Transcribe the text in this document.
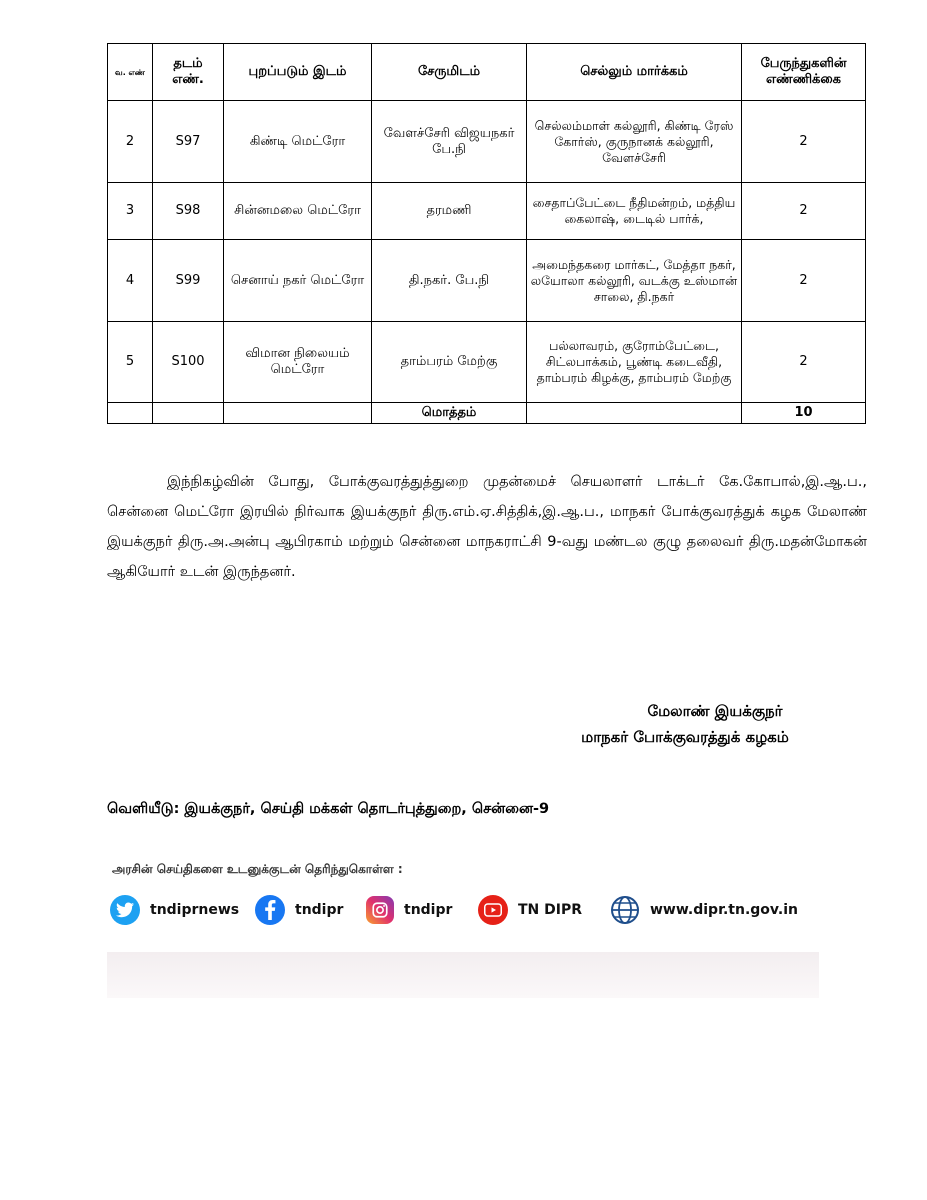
வ. எண்	தடம் எண்.	புறப்படும் இடம்	சேருமிடம்	செல்லும் மார்க்கம்	பேருந்துகளின் எண்ணிக்கை
2	S97	கிண்டி மெட்ரோ	வேளச்சேரி விஜயநகர் பே.நி	செல்லம்மாள் கல்லூரி, கிண்டி ரேஸ் கோர்ஸ், குருநானக் கல்லூரி, வேளச்சேரி	2
3	S98	சின்னமலை மெட்ரோ	தரமணி	சைதாப்பேட்டை நீதிமன்றம், மத்திய கைலாஷ், டைடில் பார்க்,	2
4	S99	செனாய் நகர் மெட்ரோ	தி.நகர். பே.நி	அமைந்தகரை மார்கட், மேத்தா நகர், லயோலா கல்லூரி, வடக்கு உஸ்மான் சாலை, தி.நகர்	2
5	S100	விமான நிலையம் மெட்ரோ	தாம்பரம் மேற்கு	பல்லாவரம், குரோம்பேட்டை, சிட்லபாக்கம், பூண்டி கடைவீதி, தாம்பரம் கிழக்கு, தாம்பரம் மேற்கு	2
			மொத்தம்		10

இந்நிகழ்வின் போது, போக்குவரத்துத்துறை முதன்மைச் செயலாளர் டாக்டர் கே.கோபால்,இ.ஆ.ப., சென்னை மெட்ரோ இரயில் நிர்வாக இயக்குநர் திரு.எம்.ஏ.சித்திக்,இ.ஆ.ப., மாநகர் போக்குவரத்துக் கழக மேலாண் இயக்குநர் திரு.அ.அன்பு ஆபிரகாம் மற்றும் சென்னை மாநகராட்சி 9-வது மண்டல குழு தலைவர் திரு.மதன்மோகன் ஆகியோர் உடன் இருந்தனர்.

மேலாண் இயக்குநர்

மாநகர் போக்குவரத்துக் கழகம்

வெளியீடு: இயக்குநர், செய்தி மக்கள் தொடர்புத்துறை, சென்னை-9

அரசின் செய்திகளை உடனுக்குடன் தெரிந்துகொள்ள :

tndiprnews	tndipr	tndipr	TN DIPR	www.dipr.tn.gov.in
